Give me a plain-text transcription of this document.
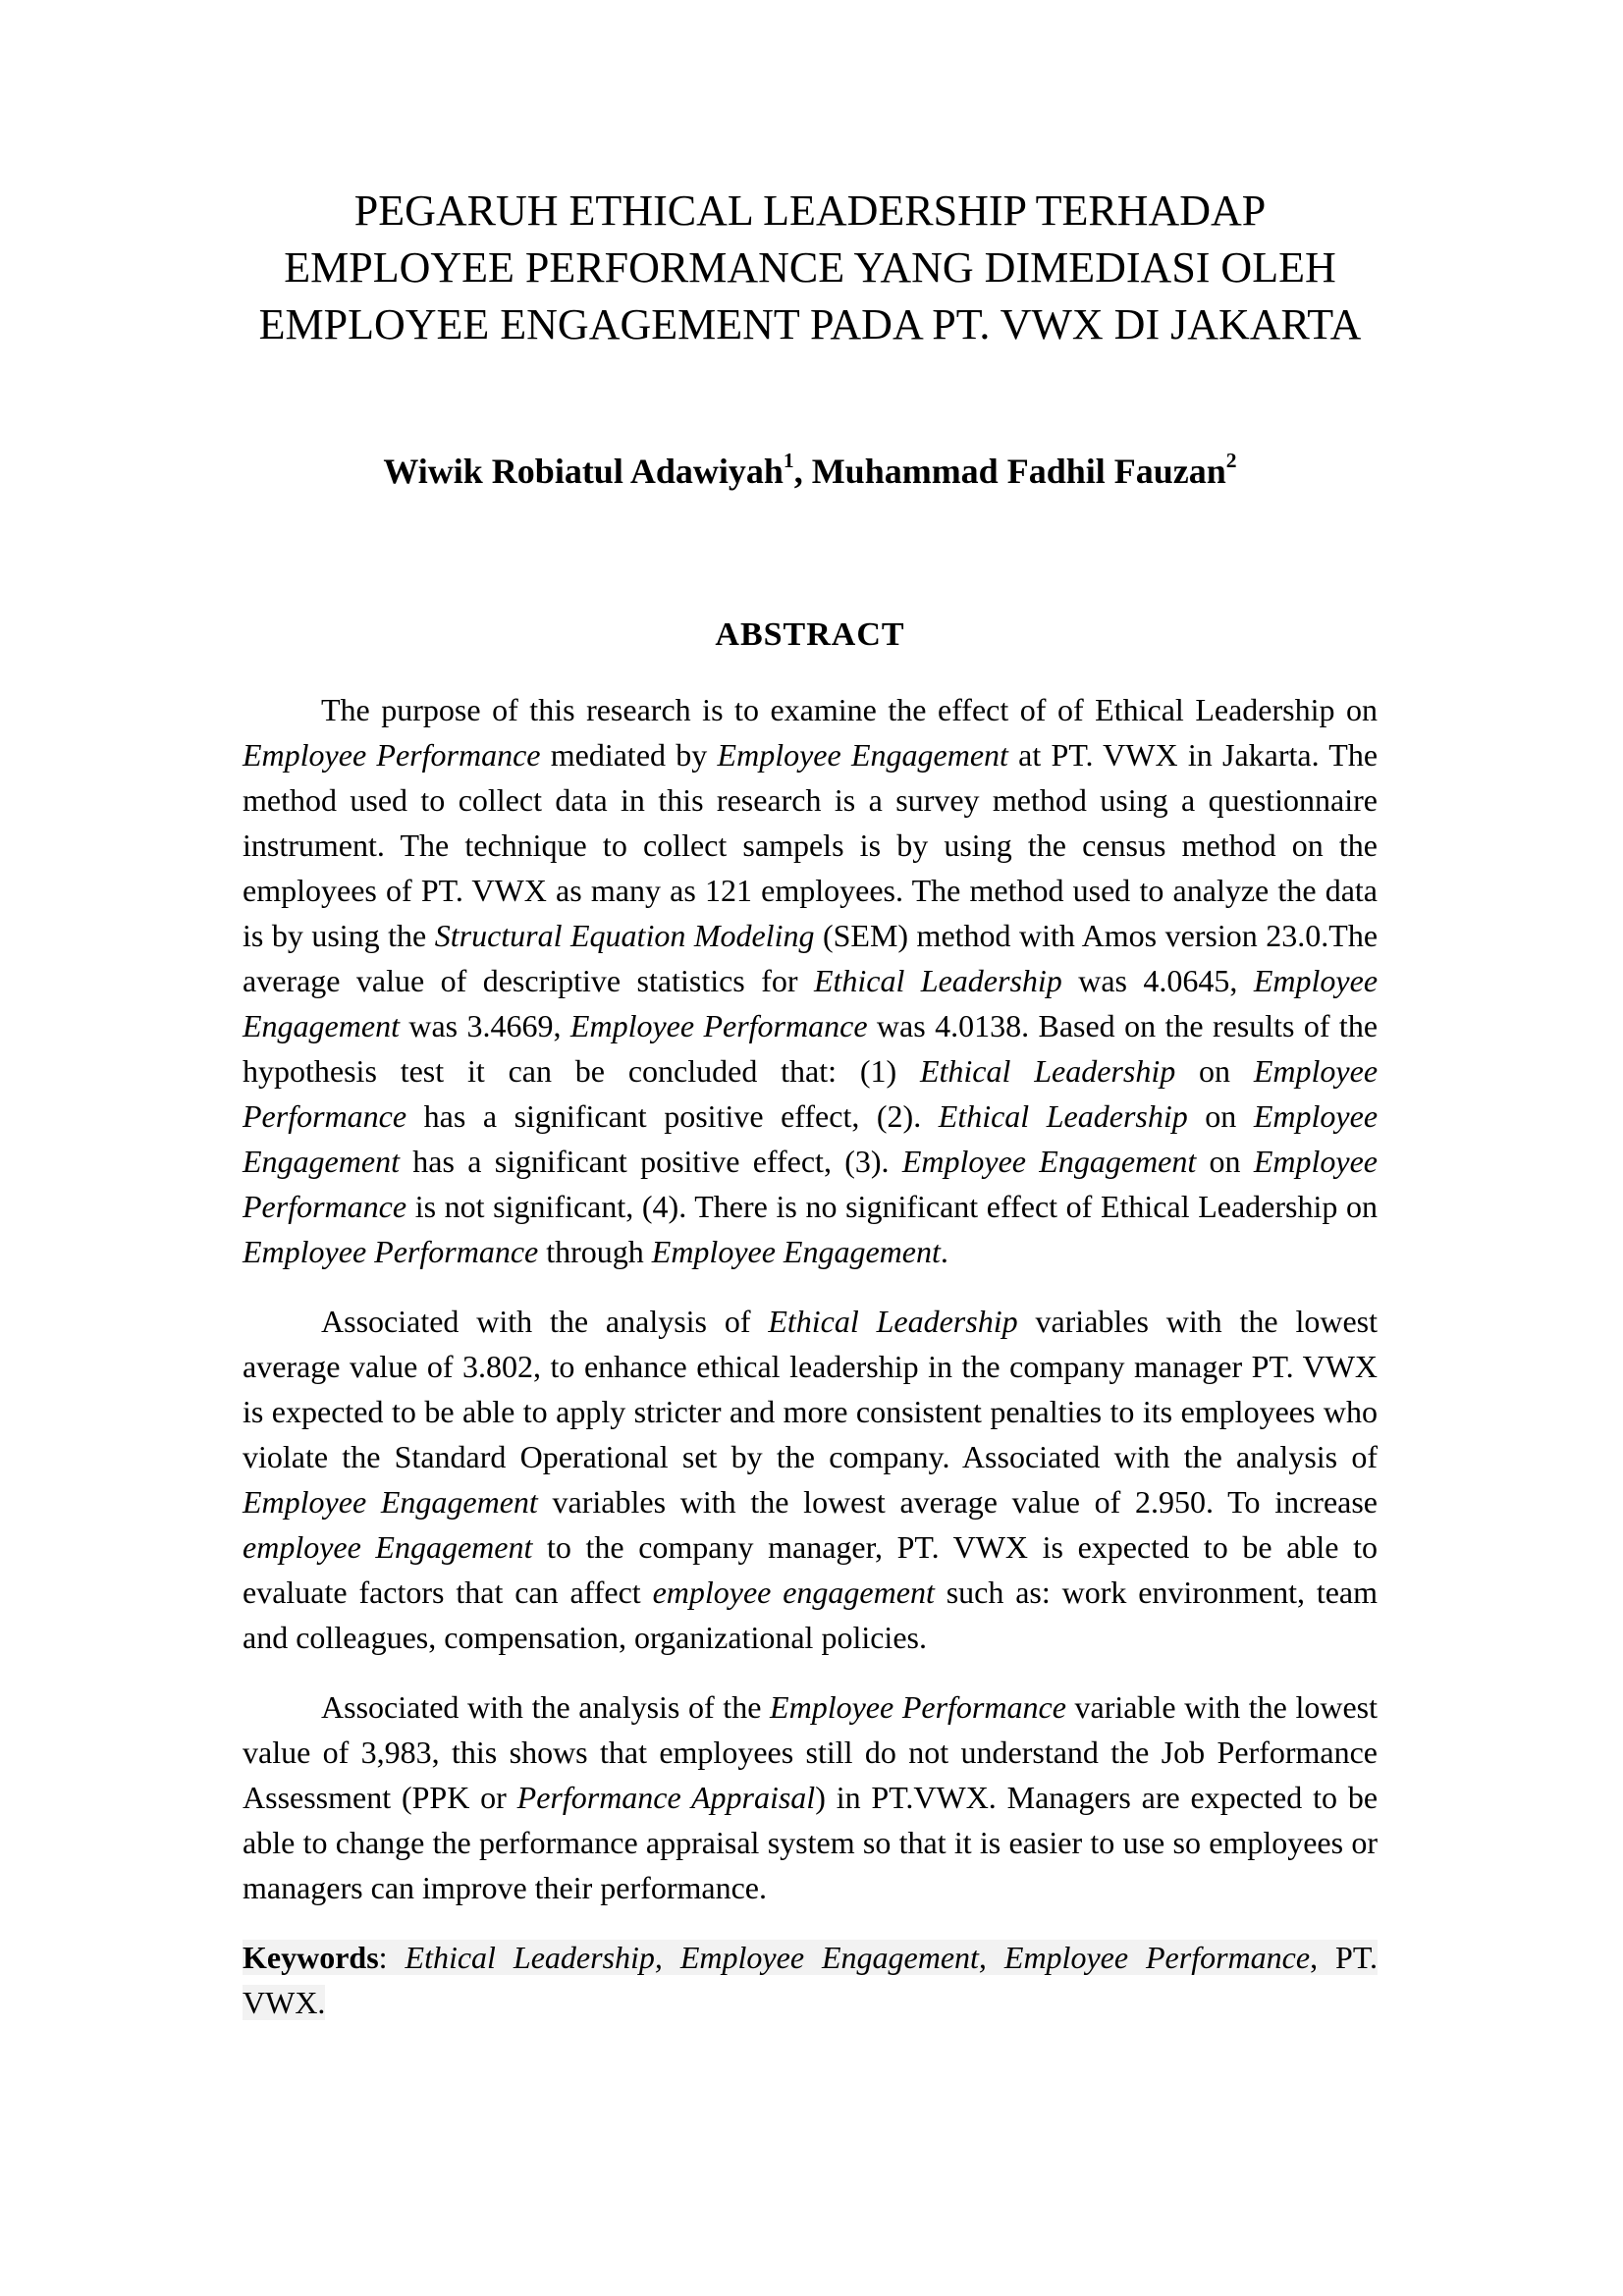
PEGARUH ETHICAL LEADERSHIP TERHADAP
EMPLOYEE PERFORMANCE YANG DIMEDIASI OLEH
EMPLOYEE ENGAGEMENT PADA PT. VWX DI JAKARTA

Wiwik Robiatul Adawiyah$^1$, Muhammad Fadhil Fauzan$^2$

ABSTRACT

The purpose of this research is to examine the effect of of Ethical Leadership on Employee Performance mediated by Employee Engagement at PT. VWX in Jakarta. The method used to collect data in this research is a survey method using a questionnaire instrument. The technique to collect sampels is by using the census method on the employees of PT. VWX as many as 121 employees. The method used to analyze the data is by using the Structural Equation Modeling (SEM) method with Amos version 23.0.The average value of descriptive statistics for Ethical Leadership was 4.0645, Employee Engagement was 3.4669, Employee Performance was 4.0138. Based on the results of the hypothesis test it can be concluded that: (1) Ethical Leadership on Employee Performance has a significant positive effect, (2). Ethical Leadership on Employee Engagement has a significant positive effect, (3). Employee Engagement on Employee Performance is not significant, (4). There is no significant effect of Ethical Leadership on Employee Performance through Employee Engagement.

Associated with the analysis of Ethical Leadership variables with the lowest average value of 3.802, to enhance ethical leadership in the company manager PT. VWX is expected to be able to apply stricter and more consistent penalties to its employees who violate the Standard Operational set by the company. Associated with the analysis of Employee Engagement variables with the lowest average value of 2.950. To increase employee Engagement to the company manager, PT. VWX is expected to be able to evaluate factors that can affect employee engagement such as: work environment, team and colleagues, compensation, organizational policies.

Associated with the analysis of the Employee Performance variable with the lowest value of 3,983, this shows that employees still do not understand the Job Performance Assessment (PPK or Performance Appraisal) in PT.VWX. Managers are expected to be able to change the performance appraisal system so that it is easier to use so employees or managers can improve their performance.

Keywords: Ethical Leadership, Employee Engagement, Employee Performance, PT. VWX.
